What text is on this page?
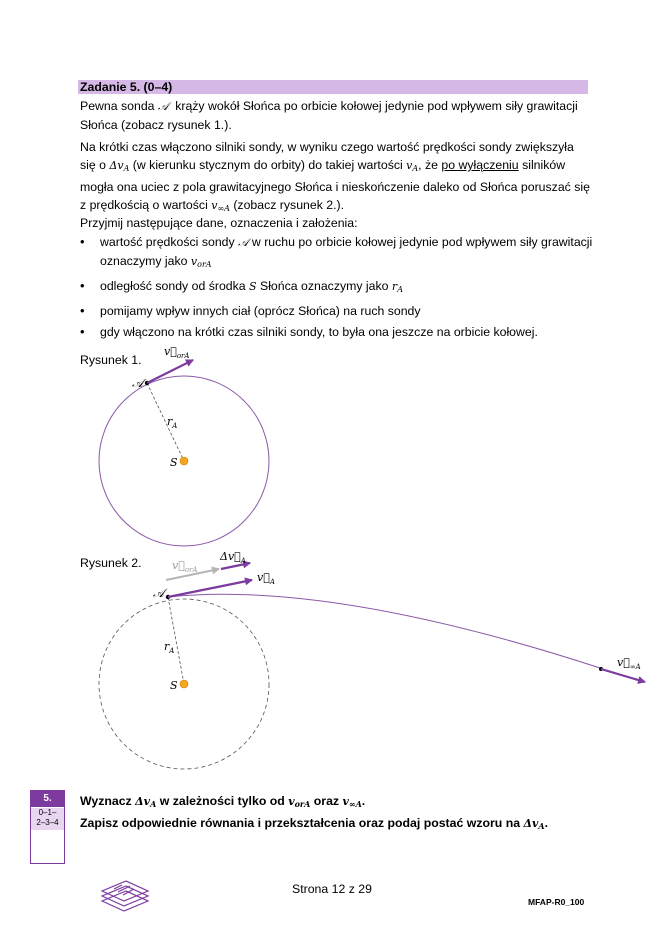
Zadanie 5. (0–4)

Pewna sonda 𝒜 krąży wokół Słońca po orbicie kołowej jedynie pod wpływem siły grawitacji Słońca (zobacz rysunek 1.).

Na krótki czas włączono silniki sondy, w wyniku czego wartość prędkości sondy zwiększyła się o $\Delta v_A$ (w kierunku stycznym do orbity) do takiej wartości $v_A$, że po wyłączeniu silników mogła ona uciec z pola grawitacyjnego Słońca i nieskończenie daleko od Słońca poruszać się z prędkością o wartości $v_{\infty A}$ (zobacz rysunek 2.).

Przyjmij następujące dane, oznaczenia i założenia:

• wartość prędkości sondy 𝒜 w ruchu po orbicie kołowej jedynie pod wpływem siły grawitacji oznaczymy jako $v_{orA}$
• odległość sondy od środka S Słońca oznaczymy jako $r_A$
• pomijamy wpływ innych ciał (oprócz Słońca) na ruch sondy
• gdy włączono na krótki czas silniki sondy, to była ona jeszcze na orbicie kołowej.
Rysunek 1.
𝒜
$r_A$
S
$v⃗_{orA}$
Rysunek 2.
𝒜
$v⃗_{orA}$
$\Delta v⃗_A$
$v⃗_A$
$r_A$
S
$v⃗_{\infty A}$
5.
0–1–
2–3–4
Wyznacz $\Delta v_A$ w zależności tylko od $v_{orA}$ oraz $v_{\infty A}$.
Zapisz odpowiednie równania i przekształcenia oraz podaj postać wzoru na $\Delta v_A$.
Strona 12 z 29
MFAP-R0_100
